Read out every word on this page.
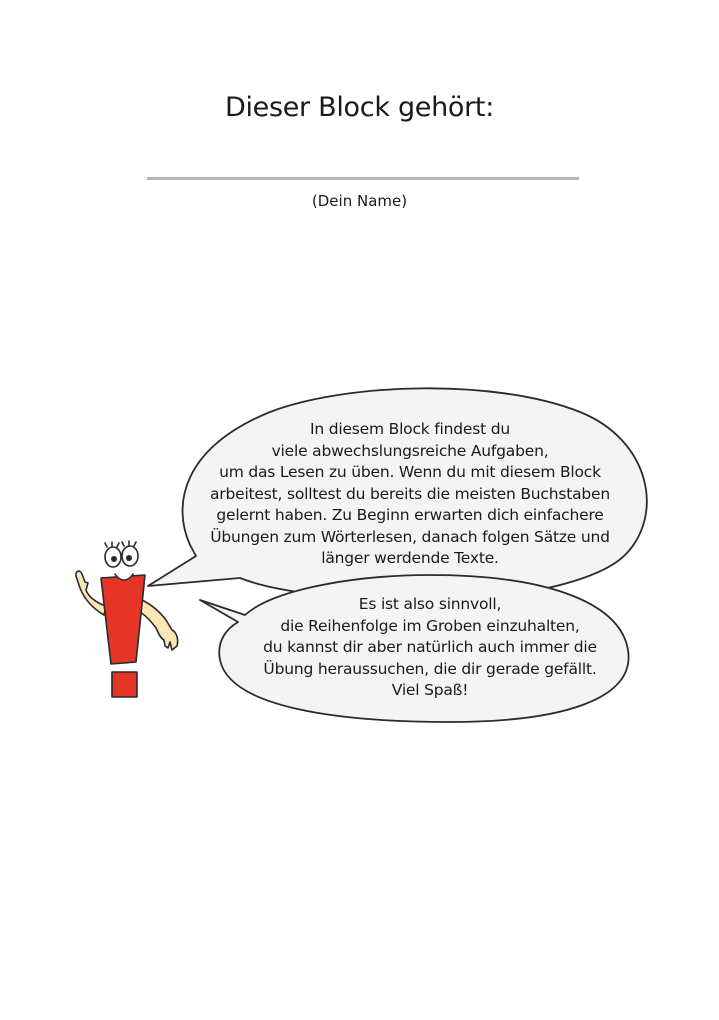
Dieser Block gehört:
(Dein Name)
In diesem Block findest du
viele abwechslungsreiche Aufgaben,
um das Lesen zu üben. Wenn du mit diesem Block
arbeitest, solltest du bereits die meisten Buchstaben
gelernt haben. Zu Beginn erwarten dich einfachere
Übungen zum Wörterlesen, danach folgen Sätze und
länger werdende Texte.
Es ist also sinnvoll,
die Reihenfolge im Groben einzuhalten,
du kannst dir aber natürlich auch immer die
Übung heraussuchen, die dir gerade gefällt.
Viel Spaß!
